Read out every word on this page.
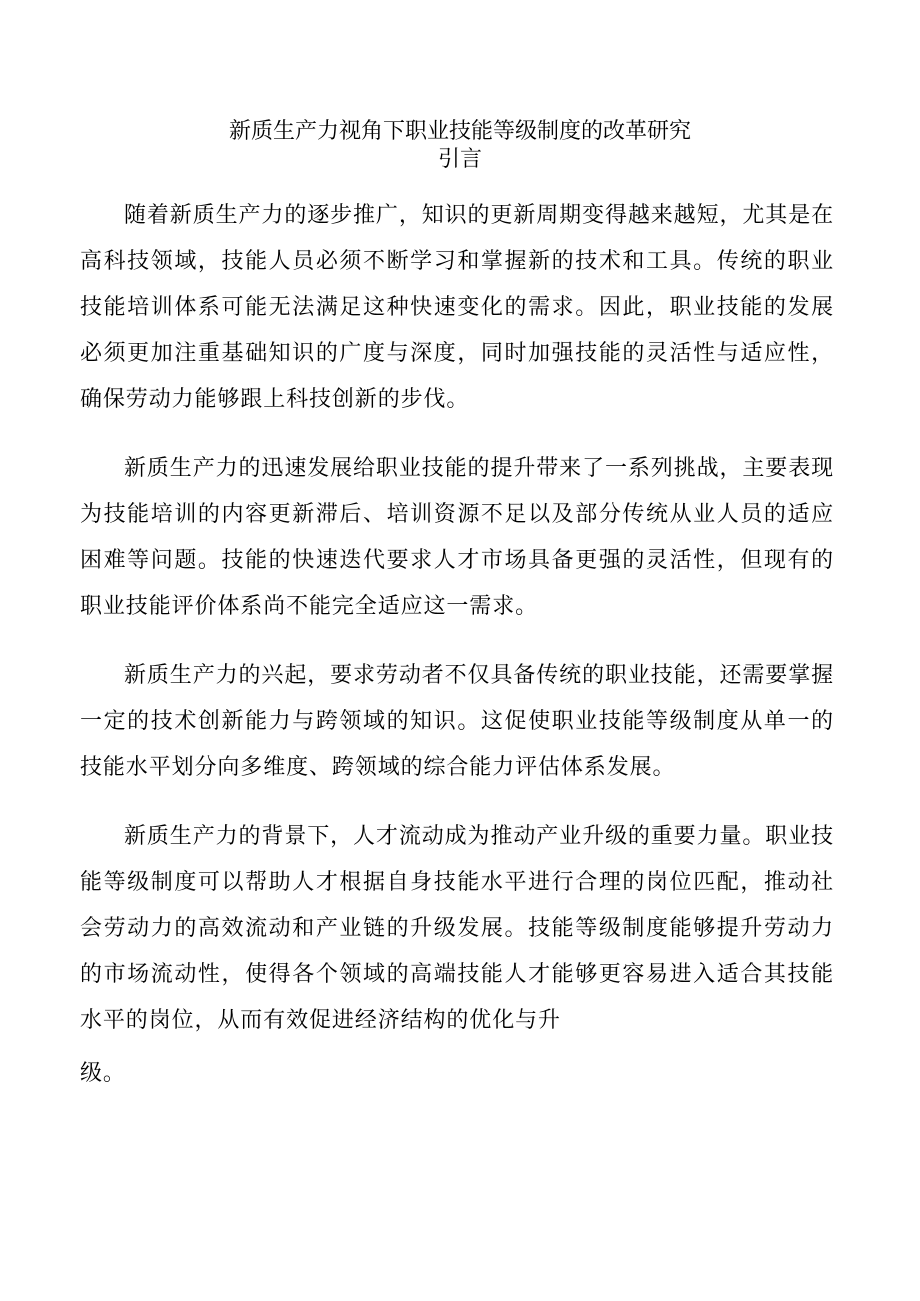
新质生产力视角下职业技能等级制度的改革研究
引言

随着新质生产力的逐步推广，知识的更新周期变得越来越短，尤其是在高科技领域，技能人员必须不断学习和掌握新的技术和工具。传统的职业技能培训体系可能无法满足这种快速变化的需求。因此，职业技能的发展必须更加注重基础知识的广度与深度，同时加强技能的灵活性与适应性，确保劳动力能够跟上科技创新的步伐。

新质生产力的迅速发展给职业技能的提升带来了一系列挑战，主要表现为技能培训的内容更新滞后、培训资源不足以及部分传统从业人员的适应困难等问题。技能的快速迭代要求人才市场具备更强的灵活性，但现有的职业技能评价体系尚不能完全适应这一需求。

新质生产力的兴起，要求劳动者不仅具备传统的职业技能，还需要掌握一定的技术创新能力与跨领域的知识。这促使职业技能等级制度从单一的技能水平划分向多维度、跨领域的综合能力评估体系发展。

新质生产力的背景下，人才流动成为推动产业升级的重要力量。职业技能等级制度可以帮助人才根据自身技能水平进行合理的岗位匹配，推动社会劳动力的高效流动和产业链的升级发展。技能等级制度能够提升劳动力的市场流动性，使得各个领域的高端技能人才能够更容易进入适合其技能水平的岗位，从而有效促进经济结构的优化与升

级。
